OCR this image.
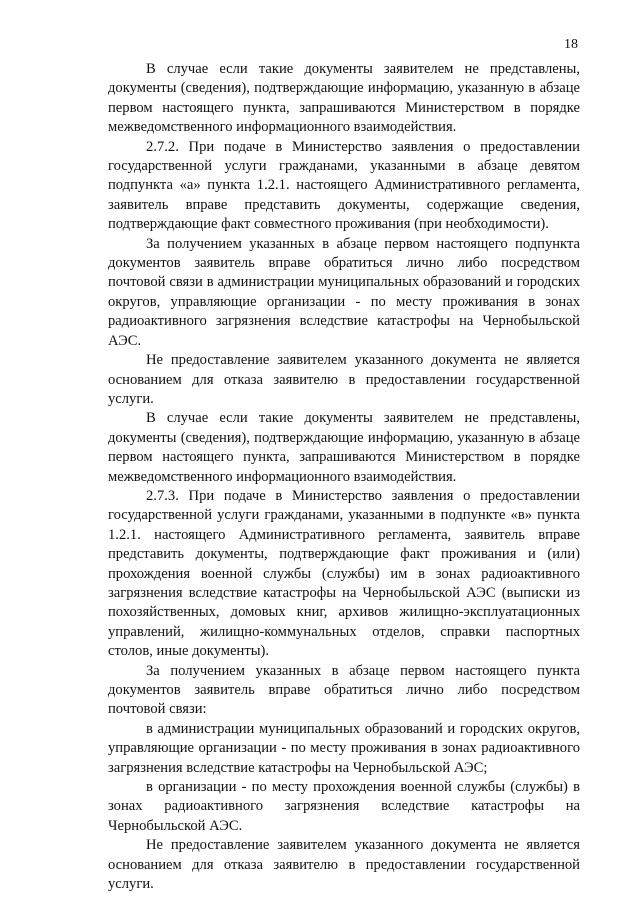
18

В случае если такие документы заявителем не представлены, документы (сведения), подтверждающие информацию, указанную в абзаце первом настоящего пункта, запрашиваются Министерством в порядке межведомственного информационного взаимодействия.

2.7.2. При подаче в Министерство заявления о предоставлении государственной услуги гражданами, указанными в абзаце девятом подпункта «а» пункта 1.2.1. настоящего Административного регламента, заявитель вправе представить документы, содержащие сведения, подтверждающие факт совместного проживания (при необходимости).

За получением указанных в абзаце первом настоящего подпункта документов заявитель вправе обратиться лично либо посредством почтовой связи в администрации муниципальных образований и городских округов, управляющие организации - по месту проживания в зонах радиоактивного загрязнения вследствие катастрофы на Чернобыльской АЭС.

Не предоставление заявителем указанного документа не является основанием для отказа заявителю в предоставлении государственной услуги.

В случае если такие документы заявителем не представлены, документы (сведения), подтверждающие информацию, указанную в абзаце первом настоящего пункта, запрашиваются Министерством в порядке межведомственного информационного взаимодействия.

2.7.3. При подаче в Министерство заявления о предоставлении государственной услуги гражданами, указанными в подпункте «в» пункта 1.2.1. настоящего Административного регламента, заявитель вправе представить документы, подтверждающие факт проживания и (или) прохождения военной службы (службы) им в зонах радиоактивного загрязнения вследствие катастрофы на Чернобыльской АЭС (выписки из похозяйственных, домовых книг, архивов жилищно-эксплуатационных управлений, жилищно-коммунальных отделов, справки паспортных столов, иные документы).

За получением указанных в абзаце первом настоящего пункта документов заявитель вправе обратиться лично либо посредством почтовой связи:

в администрации муниципальных образований и городских округов, управляющие организации - по месту проживания в зонах радиоактивного загрязнения вследствие катастрофы на Чернобыльской АЭС;

в организации - по месту прохождения военной службы (службы) в зонах радиоактивного загрязнения вследствие катастрофы на Чернобыльской АЭС.

Не предоставление заявителем указанного документа не является основанием для отказа заявителю в предоставлении государственной услуги.
